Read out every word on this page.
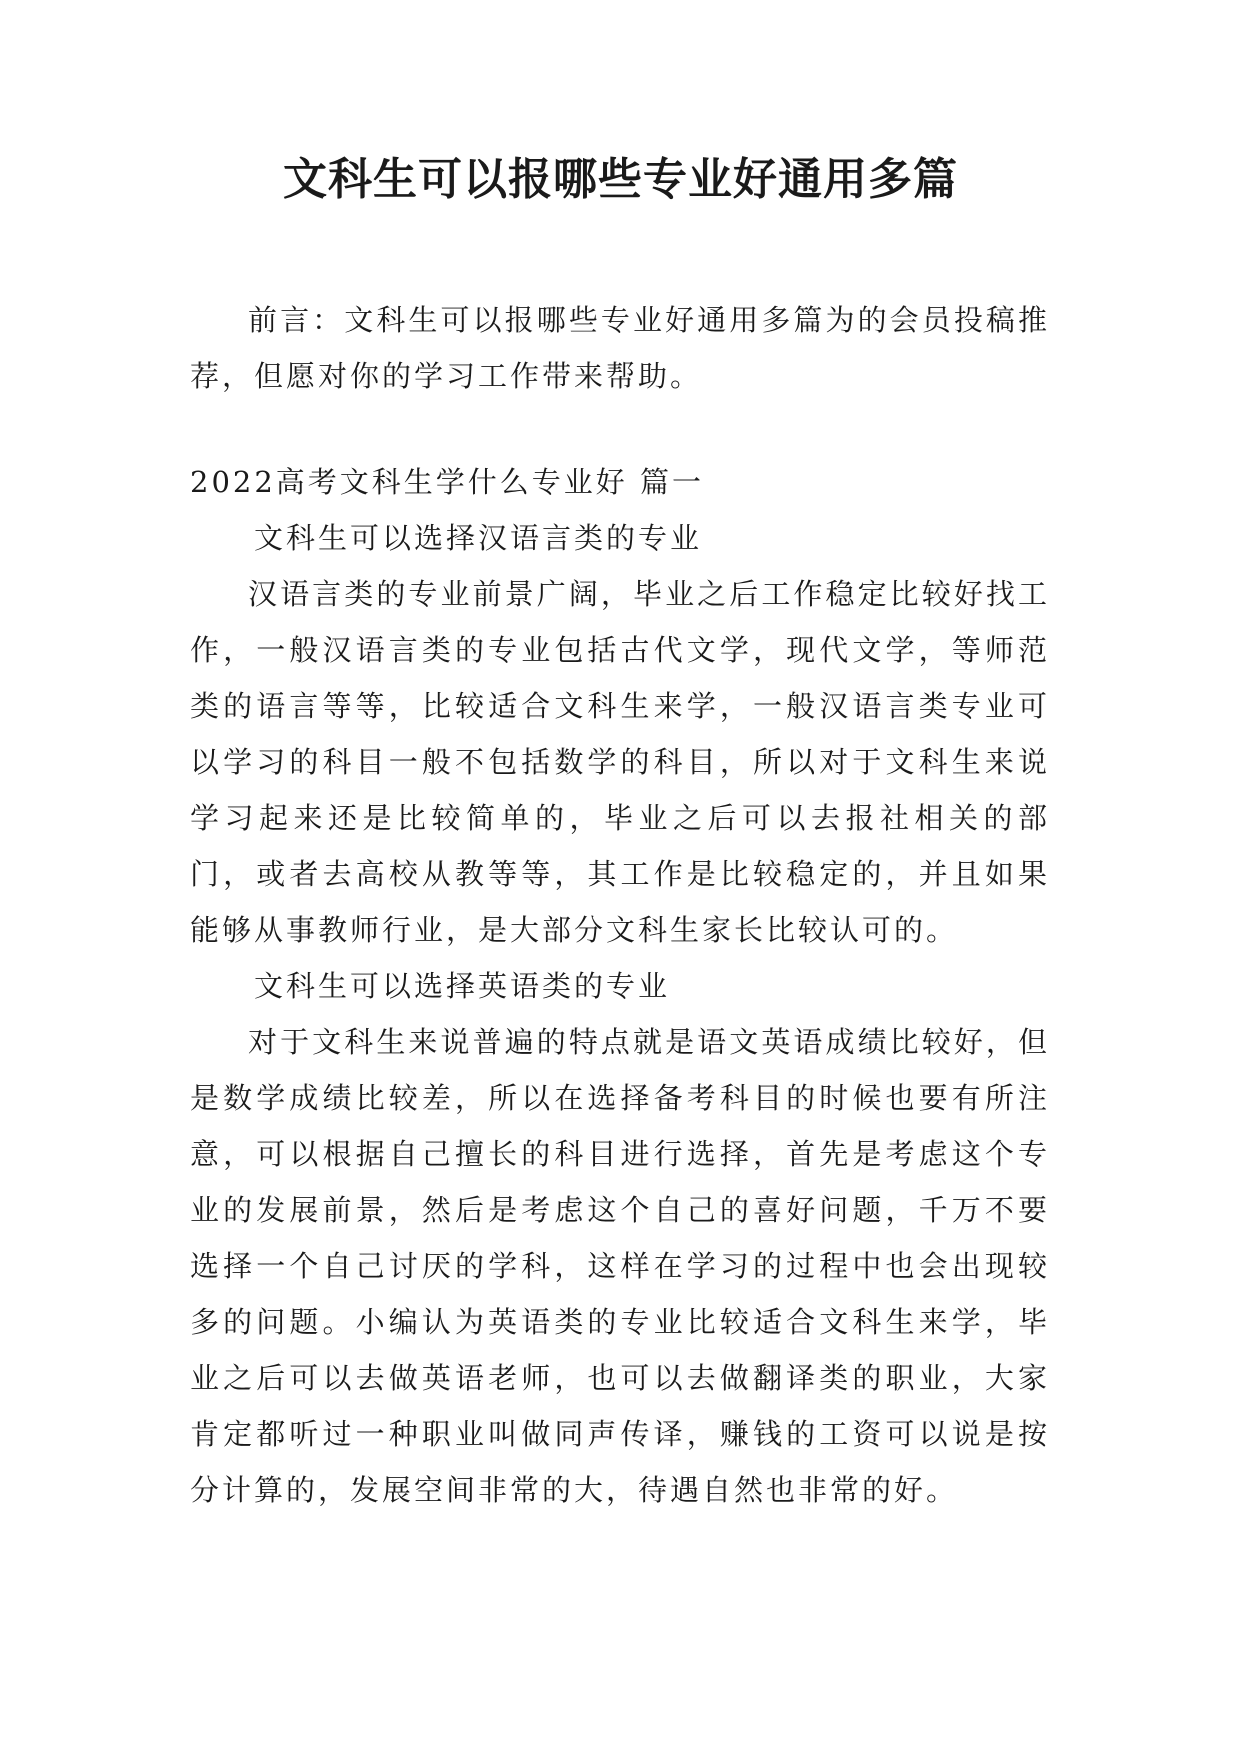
文科生可以报哪些专业好通用多篇

前言：文科生可以报哪些专业好通用多篇为的会员投稿推荐，但愿对你的学习工作带来帮助。

2022高考文科生学什么专业好 篇一

文科生可以选择汉语言类的专业

汉语言类的专业前景广阔，毕业之后工作稳定比较好找工作，一般汉语言类的专业包括古代文学，现代文学，等师范类的语言等等，比较适合文科生来学，一般汉语言类专业可以学习的科目一般不包括数学的科目，所以对于文科生来说学习起来还是比较简单的，毕业之后可以去报社相关的部门，或者去高校从教等等，其工作是比较稳定的，并且如果能够从事教师行业，是大部分文科生家长比较认可的。

文科生可以选择英语类的专业

对于文科生来说普遍的特点就是语文英语成绩比较好，但是数学成绩比较差，所以在选择备考科目的时候也要有所注意，可以根据自己擅长的科目进行选择，首先是考虑这个专业的发展前景，然后是考虑这个自己的喜好问题，千万不要选择一个自己讨厌的学科，这样在学习的过程中也会出现较多的问题。小编认为英语类的专业比较适合文科生来学，毕业之后可以去做英语老师，也可以去做翻译类的职业，大家肯定都听过一种职业叫做同声传译，赚钱的工资可以说是按分计算的，发展空间非常的大，待遇自然也非常的好。
